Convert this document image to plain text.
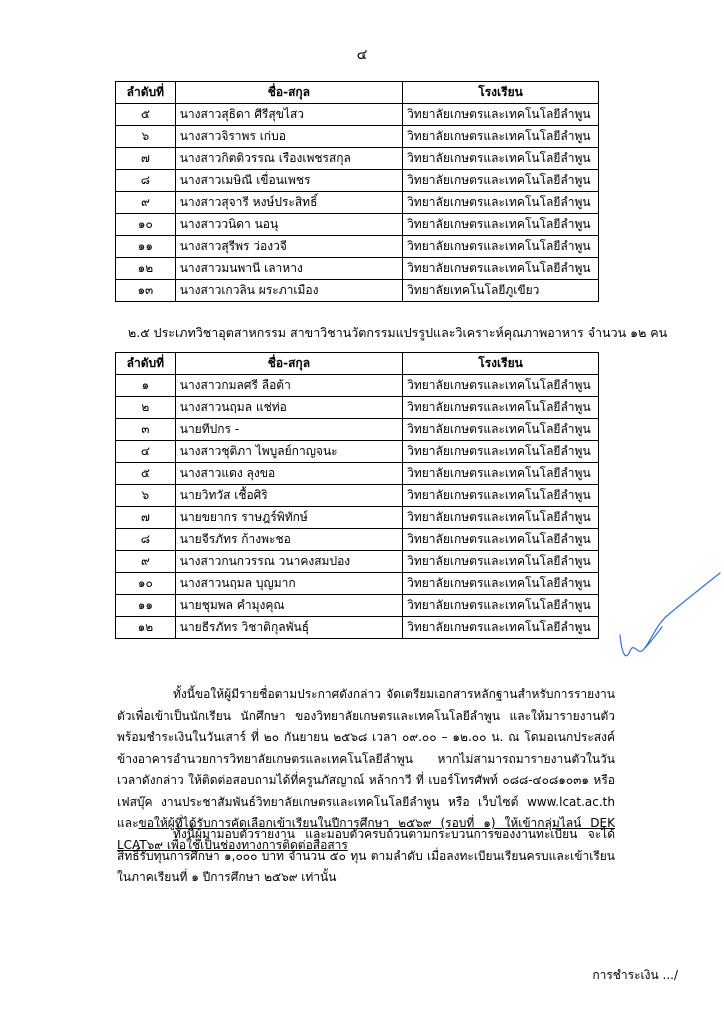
๔
ลำดับที่	ชื่อ-สกุล	โรงเรียน
๕	นางสาวสุธิดา ศีรีสุขไสว	วิทยาลัยเกษตรและเทคโนโลยีลำพูน
๖	นางสาวจิราพร เก่บอ	วิทยาลัยเกษตรและเทคโนโลยีลำพูน
๗	นางสาวกิตติวรรณ เรืองเพชรสกุล	วิทยาลัยเกษตรและเทคโนโลยีลำพูน
๘	นางสาวเมษิณี เขื่อนเพชร	วิทยาลัยเกษตรและเทคโนโลยีลำพูน
๙	นางสาวสุจารี หงษ์ประสิทธิ์	วิทยาลัยเกษตรและเทคโนโลยีลำพูน
๑๐	นางสาววนิดา นอนุ	วิทยาลัยเกษตรและเทคโนโลยีลำพูน
๑๑	นางสาวสุรีพร ว่องวจี	วิทยาลัยเกษตรและเทคโนโลยีลำพูน
๑๒	นางสาวมนพานี เลาหาง	วิทยาลัยเกษตรและเทคโนโลยีลำพูน
๑๓	นางสาวเกวลิน ผระภาเมือง	วิทยาลัยเทคโนโลยีภูเขียว
๒.๕ ประเภทวิชาอุตสาหกรรม สาขาวิชานวัตกรรมแปรรูปและวิเคราะห์คุณภาพอาหาร จำนวน ๑๒ คน
ลำดับที่	ชื่อ-สกุล	โรงเรียน
๑	นางสาวกมลศรี ลือต้า	วิทยาลัยเกษตรและเทคโนโลยีลำพูน
๒	นางสาวนฤมล แช่ท่อ	วิทยาลัยเกษตรและเทคโนโลยีลำพูน
๓	นายทีปกร -	วิทยาลัยเกษตรและเทคโนโลยีลำพูน
๔	นางสาวชุติภา ไพบูลย์กาญจนะ	วิทยาลัยเกษตรและเทคโนโลยีลำพูน
๕	นางสาวแดง ลุงขอ	วิทยาลัยเกษตรและเทคโนโลยีลำพูน
๖	นายวิทวัส เชื้อศิริ	วิทยาลัยเกษตรและเทคโนโลยีลำพูน
๗	นายขยากร ราษฎร์พิทักษ์	วิทยาลัยเกษตรและเทคโนโลยีลำพูน
๘	นายจีรภัทร ก้างพะชอ	วิทยาลัยเกษตรและเทคโนโลยีลำพูน
๙	นางสาวกนกวรรณ วนาคงสมปอง	วิทยาลัยเกษตรและเทคโนโลยีลำพูน
๑๐	นางสาวนฤมล บุญมาก	วิทยาลัยเกษตรและเทคโนโลยีลำพูน
๑๑	นายชุมพล คำมุงคุณ	วิทยาลัยเกษตรและเทคโนโลยีลำพูน
๑๒	นายธีรภัทร วิชาติกุลพันธุ์	วิทยาลัยเกษตรและเทคโนโลยีลำพูน
ทั้งนี้ขอให้ผู้มีรายชื่อตามประกาศดังกล่าว จัดเตรียมเอกสารหลักฐานสำหรับการรายงานตัวเพื่อเข้าเป็นนักเรียน นักศึกษา ของวิทยาลัยเกษตรและเทคโนโลยีลำพูน และให้มารายงานตัวพร้อมชำระเงินในวันเสาร์ ที่ ๒๐ กันยายน ๒๕๖๘ เวลา ๐๙.๐๐ – ๑๒.๐๐ น. ณ โดมอเนกประสงค์ ข้างอาคารอำนวยการวิทยาลัยเกษตรและเทคโนโลยีลำพูน หากไม่สามารถมารายงานตัวในวันเวลาดังกล่าว ให้ติดต่อสอบถามได้ที่ครูนภัสญาณ์ หล้ากาวี ที่ เบอร์โทรศัพท์ ๐๘๘-๔๐๘๑๐๓๑ หรือเฟสบุ๊ค งานประชาสัมพันธ์วิทยาลัยเกษตรและเทคโนโลยีลำพูน หรือ เว็บไซต์ www.lcat.ac.th และขอให้ผู้ที่ได้รับการคัดเลือกเข้าเรียนในปีการศึกษา ๒๕๖๙ (รอบที่ ๑) ให้เข้ากลุ่มไลน์ DEK LCAT๖๙ เพื่อใช้เป็นช่องทางการติดต่อสื่อสาร
ทั้งนี้ผู้มามอบตัวรายงาน และมอบตัวครบถ้วนตามกระบวนการของงานทะเบียน จะได้สิทธิ์รับทุนการศึกษา ๑,๐๐๐ บาท จำนวน ๕๐ ทุน ตามลำดับ เมื่อลงทะเบียนเรียนครบและเข้าเรียนในภาคเรียนที่ ๑ ปีการศึกษา ๒๕๖๙ เท่านั้น
การชำระเงิน .../
